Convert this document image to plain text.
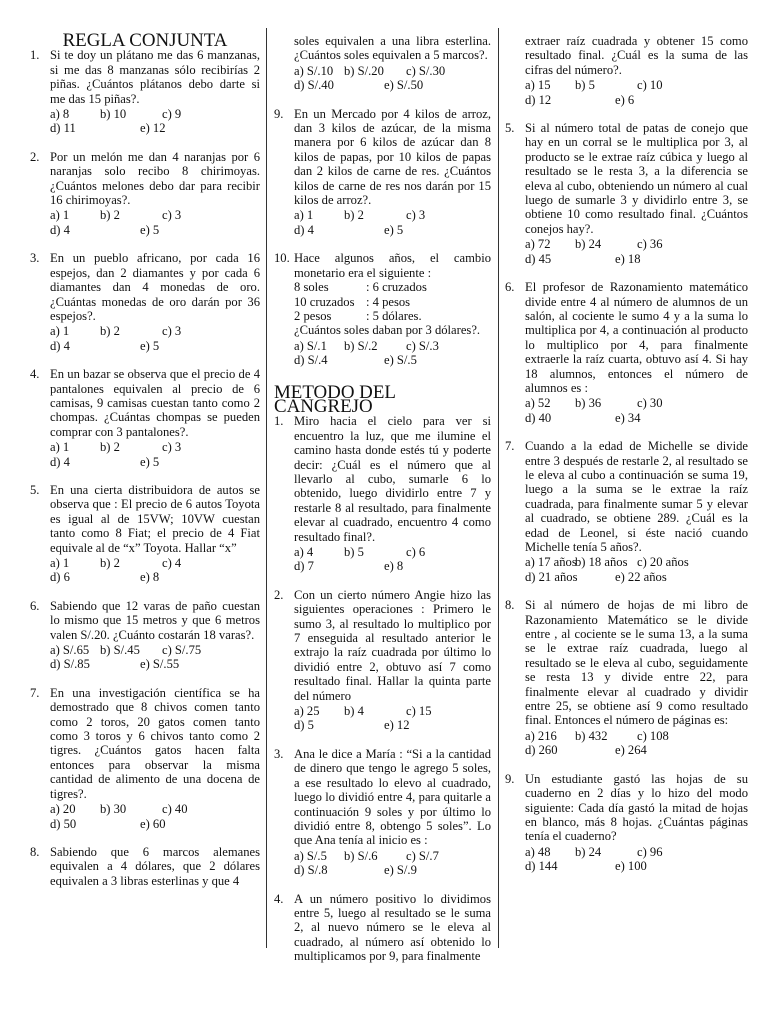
REGLA CONJUNTA
1. Si te doy un plátano me das 6 manzanas, si me das 8 manzanas sólo recibirías 2 piñas. ¿Cuántos plátanos debo darte si me das 15 piñas?.
a) 8	b) 10	c) 9
d) 11	e) 12
2. Por un melón me dan 4 naranjas por 6 naranjas solo recibo 8 chirimoyas. ¿Cuántos melones debo dar para recibir 16 chirimoyas?.
a) 1	b) 2	c) 3
d) 4	e) 5
3. En un pueblo africano, por cada 16 espejos, dan 2 diamantes y por cada 6 diamantes dan 4 monedas de oro. ¿Cuántas monedas de oro darán por 36 espejos?.
a) 1	b) 2	c) 3
d) 4	e) 5
4. En un bazar se observa que el precio de 4 pantalones equivalen al precio de 6 camisas, 9 camisas cuestan tanto como 2 chompas. ¿Cuántas chompas se pueden comprar con 3 pantalones?.
a) 1	b) 2	c) 3
d) 4	e) 5
5. En una cierta distribuidora de autos se observa que : El precio de 6 autos Toyota es igual al de 15VW; 10VW cuestan tanto como 8 Fiat; el precio de 4 Fiat equivale al de “x” Toyota. Hallar “x”
a) 1	b) 2	c) 4
d) 6	e) 8
6. Sabiendo que 12 varas de paño cuestan lo mismo que 15 metros y que 6 metros valen S/.20. ¿Cuánto costarán 18 varas?.
a) S/.65 b) S/.45	c) S/.75
d) S/.85	e) S/.55
7. En una investigación científica se ha demostrado que 8 chivos comen tanto como 2 toros, 20 gatos comen tanto como 3 toros y 6 chivos tanto como 2 tigres. ¿Cuántos gatos hacen falta entonces para observar la misma cantidad de alimento de una docena de tigres?.
a) 20	b) 30	c) 40
d) 50	e) 60
8. Sabiendo que 6 marcos alemanes equivalen a 4 dólares, que 2 dólares equivalen a 3 libras esterlinas y que 4
soles equivalen a una libra esterlina. ¿Cuántos soles equivalen a 5 marcos?.
a) S/.10 b) S/.20	c) S/.30
d) S/.40	e) S/.50
9. En un Mercado por 4 kilos de arroz, dan 3 kilos de azúcar, de la misma manera por 6 kilos de azúcar dan 8 kilos de papas, por 10 kilos de papas dan 2 kilos de carne de res. ¿Cuántos kilos de carne de res nos darán por 15 kilos de arroz?.
a) 1	b) 2	c) 3
d) 4	e) 5
10. Hace algunos años, el cambio monetario era el siguiente :
8 soles	: 6 cruzados
10 cruzados : 4 pesos
2 pesos	: 5 dólares.
¿Cuántos soles daban por 3 dólares?.
a) S/.1	b) S/.2	c) S/.3
d) S/.4	e) S/.5
METODO DEL CANGREJO
1. Miro hacia el cielo para ver si encuentro la luz, que me ilumine el camino hasta donde estés tú y poderte decir: ¿Cuál es el número que al llevarlo al cubo, sumarle 6 lo obtenido, luego dividirlo entre 7 y restarle 8 al resultado, para finalmente elevar al cuadrado, encuentro 4 como resultado final?.
a) 4	b) 5	c) 6
d) 7	e) 8
2. Con un cierto número Angie hizo las siguientes operaciones : Primero le sumo 3, al resultado lo multiplico por 7 enseguida al resultado anterior le extrajo la raíz cuadrada por último lo dividió entre 2, obtuvo así 7 como resultado final. Hallar la quinta parte del número
a) 25	b) 4	c) 15
d) 5	e) 12
3. Ana le dice a María : “Si a la cantidad de dinero que tengo le agrego 5 soles, a ese resultado lo elevo al cuadrado, luego lo dividió entre 4, para quitarle a continuación 9 soles y por último lo dividió entre 8, obtengo 5 soles”. Lo que Ana tenía al inicio es :
a) S/.5	b) S/.6	c) S/.7
d) S/.8	e) S/.9
4. A un número positivo lo dividimos entre 5, luego al resultado se le suma 2, al nuevo número se le eleva al cuadrado, al número así obtenido lo multiplicamos por 9, para finalmente
extraer raíz cuadrada y obtener 15 como resultado final. ¿Cuál es la suma de las cifras del número?.
a) 15	b) 5	c) 10
d) 12	e) 6
5. Si al número total de patas de conejo que hay en un corral se le multiplica por 3, al producto se le extrae raíz cúbica y luego al resultado se le resta 3, a la diferencia se eleva al cubo, obteniendo un número al cual luego de sumarle 3 y dividirlo entre 3, se obtiene 10 como resultado final. ¿Cuántos conejos hay?.
a) 72	b) 24	c) 36
d) 45	e) 18
6. El profesor de Razonamiento matemático divide entre 4 al número de alumnos de un salón, al cociente le sumo 4 y a la suma lo multiplica por 4, a continuación al producto lo multiplico por 4, para finalmente extraerle la raíz cuarta, obtuvo así 4. Si hay 18 alumnos, entonces el número de alumnos es :
a) 52	b) 36	c) 30
d) 40	e) 34
7. Cuando a la edad de Michelle se divide entre 3 después de restarle 2, al resultado se le eleva al cubo a continuación se suma 19, luego a la suma se le extrae la raíz cuadrada, para finalmente sumar 5 y elevar al cuadrado, se obtiene 289. ¿Cuál es la edad de Leonel, si éste nació cuando Michelle tenía 5 años?.
a) 17 años
b) 18 años c) 20 años
d) 21 años	e) 22 años
8. Si al número de hojas de mi libro de Razonamiento Matemático se le divide entre , al cociente se le suma 13, a la suma se le extrae raíz cuadrada, luego al resultado se le eleva al cubo, seguidamente se resta 13 y divide entre 22, para finalmente elevar al cuadrado y dividir entre 25, se obtiene así 9 como resultado final. Entonces el número de páginas es:
a) 216	b) 432	c) 108
d) 260	e) 264
9. Un estudiante gastó las hojas de su cuaderno en 2 días y lo hizo del modo siguiente: Cada día gastó la mitad de hojas en blanco, más 8 hojas. ¿Cuántas páginas tenía el cuaderno?
a) 48	b) 24	c) 96
d) 144	e) 100
